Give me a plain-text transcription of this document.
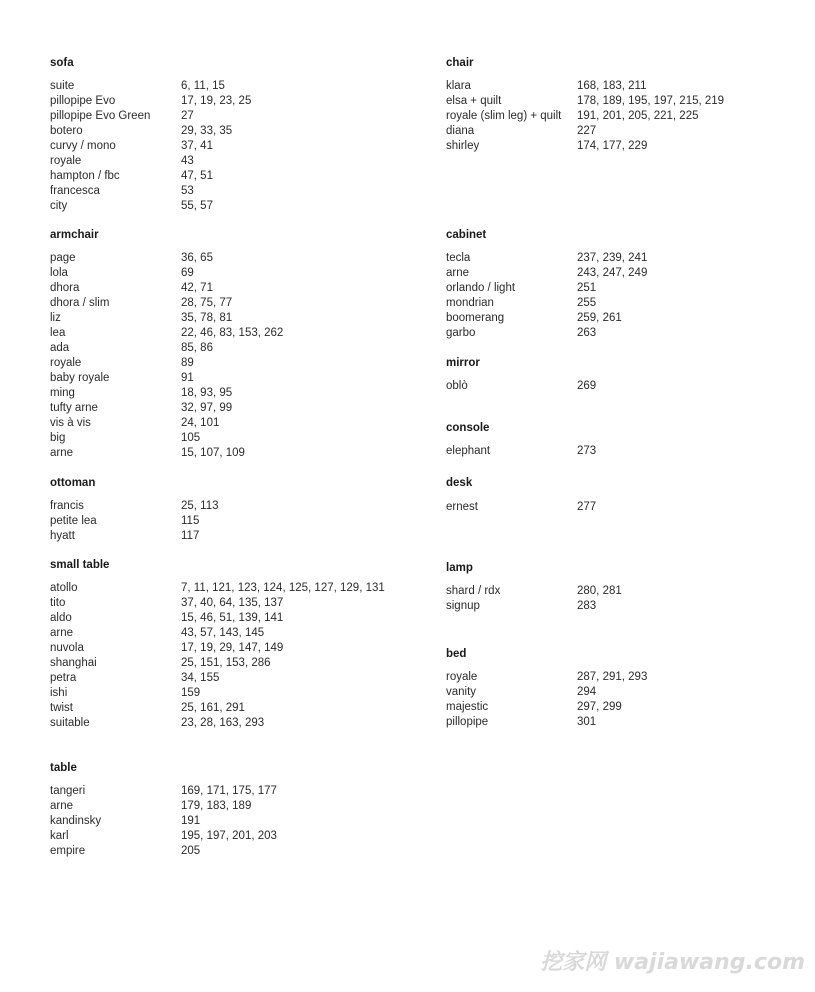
sofa
suite	6, 11, 15
pillopipe Evo	17, 19, 23, 25
pillopipe Evo Green	27
botero	29, 33, 35
curvy / mono	37, 41
royale	43
hampton / fbc	47, 51
francesca	53
city	55, 57
armchair
page	36, 65
lola	69
dhora	42, 71
dhora / slim	28, 75, 77
liz	35, 78, 81
lea	22, 46, 83, 153, 262
ada	85, 86
royale	89
baby royale	91
ming	18, 93, 95
tufty arne	32, 97, 99
vis à vis	24, 101
big	105
arne	15, 107, 109
ottoman
francis	25, 113
petite lea	115
hyatt	117
small table
atollo	7, 11, 121, 123, 124, 125, 127, 129, 131
tito	37, 40, 64, 135, 137
aldo	15, 46, 51, 139, 141
arne	43, 57, 143, 145
nuvola	17, 19, 29, 147, 149
shanghai	25, 151, 153, 286
petra	34, 155
ishi	159
twist	25, 161, 291
suitable	23, 28, 163, 293
table
tangeri	169, 171, 175, 177
arne	179, 183, 189
kandinsky	191
karl	195, 197, 201, 203
empire	205
chair
klara	168, 183, 211
elsa + quilt	178, 189, 195, 197, 215, 219
royale (slim leg) + quilt 191, 201, 205, 221, 225
diana	227
shirley	174, 177, 229
cabinet
tecla	237, 239, 241
arne	243, 247, 249
orlando / light	251
mondrian	255
boomerang	259, 261
garbo	263
mirror
oblò	269
console
elephant	273
desk
ernest	277
lamp
shard / rdx	280, 281
signup	283
bed
royale	287, 291, 293
vanity	294
majestic	297, 299
pillopipe	301
挖家网 wajiawang.com
